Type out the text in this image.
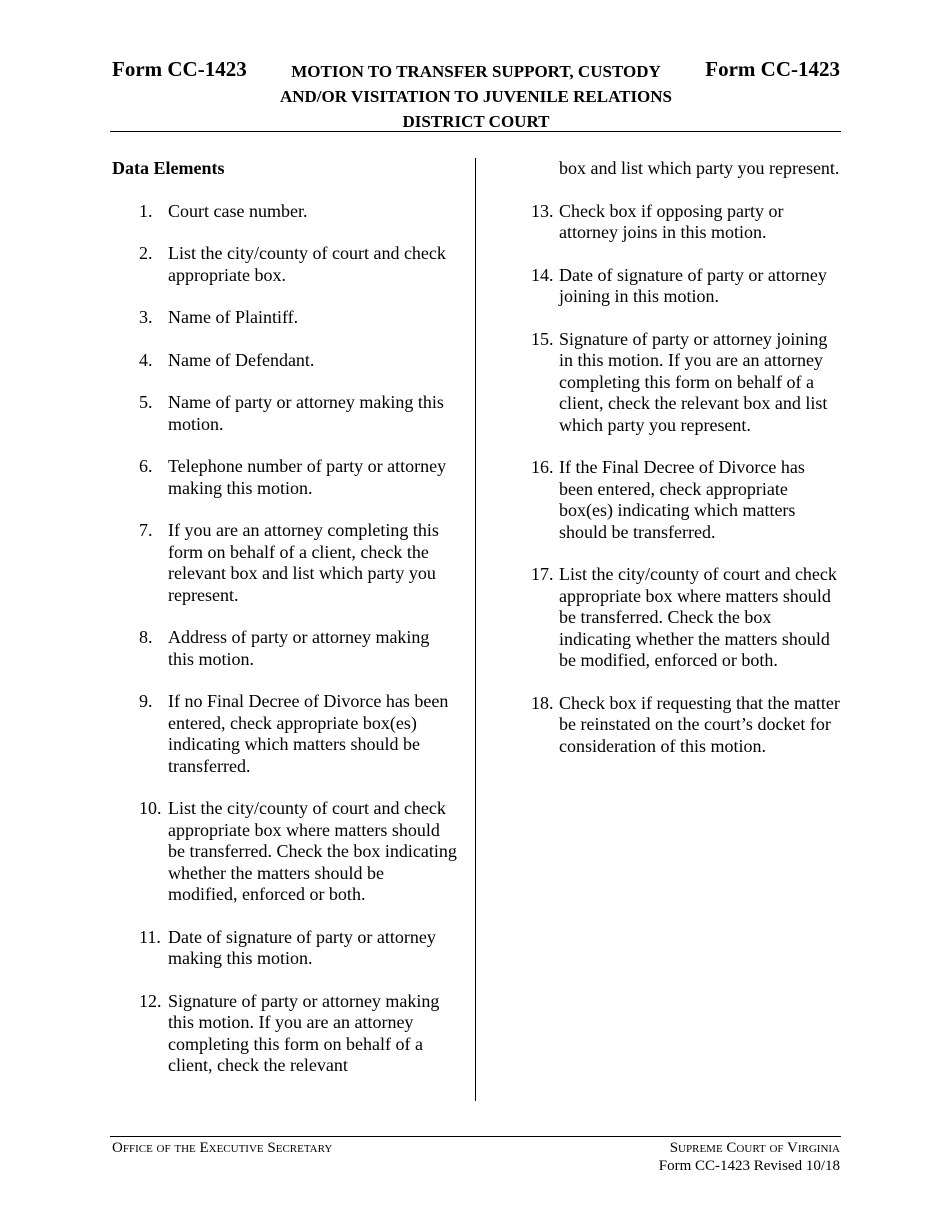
Form CC-1423	MOTION TO TRANSFER SUPPORT, CUSTODY
AND/OR VISITATION TO JUVENILE RELATIONS
DISTRICT COURT
Form CC-1423
Data Elements
1. Court case number.
2. List the city/county of court and check appropriate box.
3. Name of Plaintiff.
4. Name of Defendant.
5. Name of party or attorney making this motion.
6. Telephone number of party or attorney making this motion.
7. If you are an attorney completing this form on behalf of a client, check the relevant box and list which party you represent.
8. Address of party or attorney making this motion.
9. If no Final Decree of Divorce has been entered, check appropriate box(es) indicating which matters should be transferred.
10. List the city/county of court and check appropriate box where matters should be transferred. Check the box indicating whether the matters should be modified, enforced or both.
11. Date of signature of party or attorney making this motion.
12. Signature of party or attorney making this motion. If you are an attorney completing this form on behalf of a client, check the relevant
box and list which party you represent.
13. Check box if opposing party or attorney joins in this motion.
14. Date of signature of party or attorney joining in this motion.
15. Signature of party or attorney joining in this motion. If you are an attorney completing this form on behalf of a client, check the relevant box and list which party you represent.
16. If the Final Decree of Divorce has been entered, check appropriate box(es) indicating which matters should be transferred.
17. List the city/county of court and check appropriate box where matters should be transferred. Check the box indicating whether the matters should be modified, enforced or both.
18. Check box if requesting that the matter be reinstated on the court’s docket for consideration of this motion.
Office of the Executive Secretary	Supreme Court of Virginia
Form CC-1423 Revised 10/18
